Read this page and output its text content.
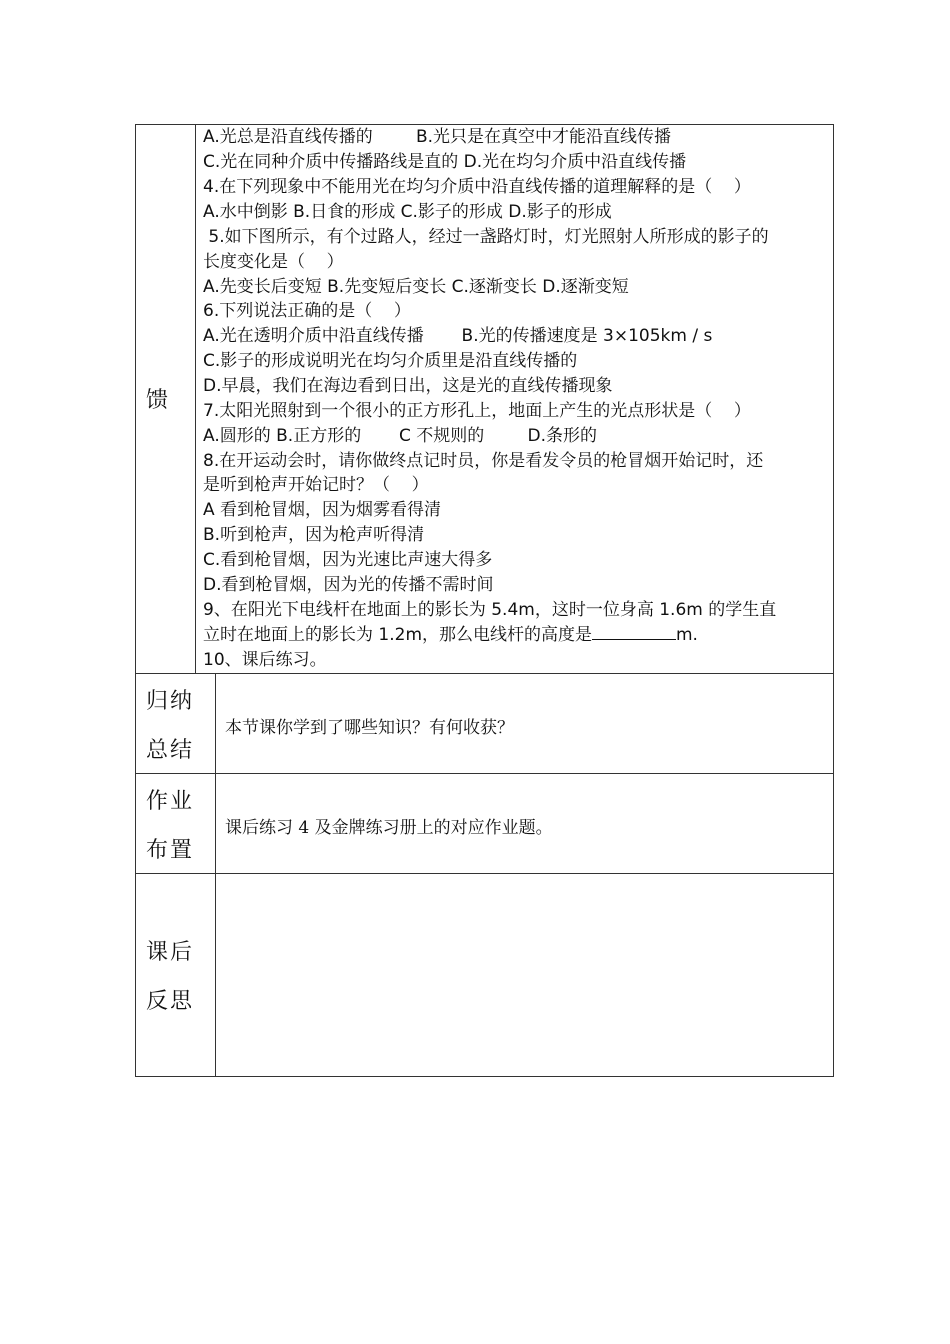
馈
A.光总是沿直线传播的        B.光只是在真空中才能沿直线传播
C.光在同种介质中传播路线是直的 D.光在均匀介质中沿直线传播
4.在下列现象中不能用光在均匀介质中沿直线传播的道理解释的是（    ）
A.水中倒影 B.日食的形成 C.影子的形成 D.影子的形成
5.如下图所示，有个过路人，经过一盏路灯时，灯光照射人所形成的影子的
长度变化是（    ）
A.先变长后变短 B.先变短后变长 C.逐渐变长 D.逐渐变短
6.下列说法正确的是（    ）
A.光在透明介质中沿直线传播       B.光的传播速度是 3×105km / s
C.影子的形成说明光在均匀介质里是沿直线传播的
D.早晨，我们在海边看到日出，这是光的直线传播现象
7.太阳光照射到一个很小的正方形孔上，地面上产生的光点形状是（    ）
A.圆形的 B.正方形的       C 不规则的        D.条形的
8.在开运动会时，请你做终点记时员，你是看发令员的枪冒烟开始记时，还
是听到枪声开始记时？（    ）
A 看到枪冒烟，因为烟雾看得清
B.听到枪声，因为枪声听得清
C.看到枪冒烟，因为光速比声速大得多
D.看到枪冒烟，因为光的传播不需时间
9、在阳光下电线杆在地面上的影长为 5.4m，这时一位身高 1.6m 的学生直
立时在地面上的影长为 1.2m，那么电线杆的高度是	m.
10、课后练习。
归纳
总结
本节课你学到了哪些知识？有何收获？
作业
布置
课后练习 4 及金牌练习册上的对应作业题。
课后
反思
